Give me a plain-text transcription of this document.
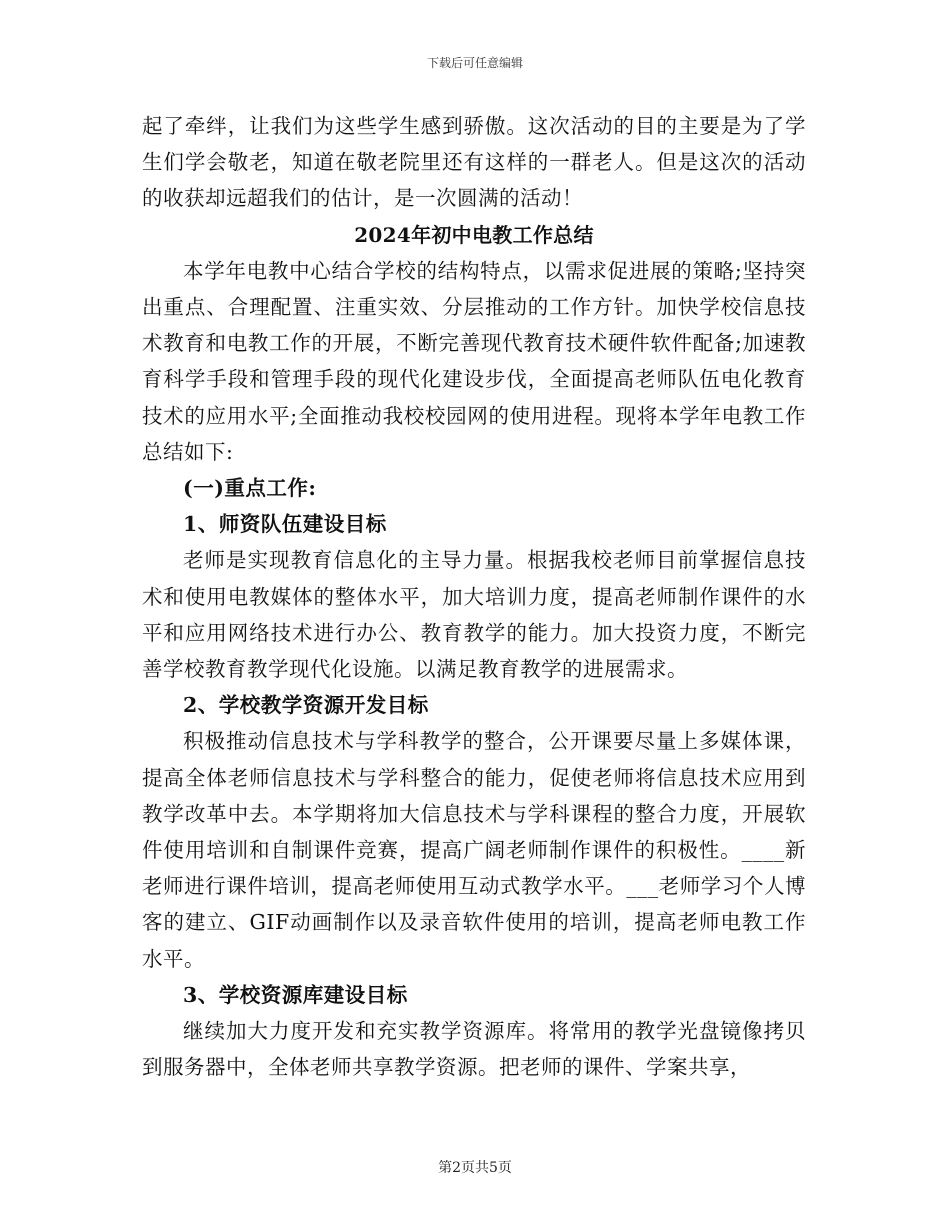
下载后可任意编辑

起了牵绊，让我们为这些学生感到骄傲。这次活动的目的主要是为了学生们学会敬老，知道在敬老院里还有这样的一群老人。但是这次的活动的收获却远超我们的估计，是一次圆满的活动！

2024年初中电教工作总结

本学年电教中心结合学校的结构特点，以需求促进展的策略;坚持突出重点、合理配置、注重实效、分层推动的工作方针。加快学校信息技术教育和电教工作的开展，不断完善现代教育技术硬件软件配备;加速教育科学手段和管理手段的现代化建设步伐，全面提高老师队伍电化教育技术的应用水平;全面推动我校校园网的使用进程。现将本学年电教工作总结如下:

(一)重点工作:

1、师资队伍建设目标

老师是实现教育信息化的主导力量。根据我校老师目前掌握信息技术和使用电教媒体的整体水平，加大培训力度，提高老师制作课件的水平和应用网络技术进行办公、教育教学的能力。加大投资力度，不断完善学校教育教学现代化设施。以满足教育教学的进展需求。

2、学校教学资源开发目标

积极推动信息技术与学科教学的整合，公开课要尽量上多媒体课，提高全体老师信息技术与学科整合的能力，促使老师将信息技术应用到教学改革中去。本学期将加大信息技术与学科课程的整合力度，开展软件使用培训和自制课件竞赛，提高广阔老师制作课件的积极性。____新老师进行课件培训，提高老师使用互动式教学水平。___老师学习个人博客的建立、GIF动画制作以及录音软件使用的培训，提高老师电教工作水平。

3、学校资源库建设目标

继续加大力度开发和充实教学资源库。将常用的教学光盘镜像拷贝到服务器中，全体老师共享教学资源。把老师的课件、学案共享，

第2页共5页
